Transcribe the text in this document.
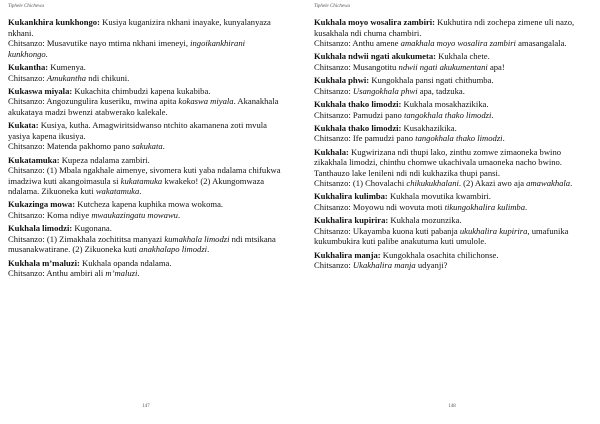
Tiphele Chichewa

Kukankhira kunkhongo: Kusiya kuganizira nkhani inayake, kunyalanyaza nkhani.

Chitsanzo: Musavutike nayo mtima nkhani imeneyi, ingoikankhirani kunkhongo.

Kukantha: Kumenya.

Chitsanzo: Amukantha ndi chikuni.

Kukaswa miyala: Kukachita chimbudzi kapena kukabiba.

Chitsanzo: Angozungulira kuseriku, mwina apita kokaswa miyala. Akanakhala akukataya madzi bwenzi atabwerako kalekale.

Kukata: Kusiya, kutha. Amagwiritsidwanso ntchito akamanena zoti mvula yasiya kapena ikusiya.

Chitsanzo: Matenda pakhomo pano sakukata.

Kukatamuka: Kupeza ndalama zambiri.

Chitsanzo: (1) Mbala ngakhale aimenye, sivomera kuti yaba ndalama chifukwa imadziwa kuti akangoimasula si kukatamuka kwakeko! (2) Akungomwaza ndalama. Zikuoneka kuti wakatamuka.

Kukazinga mowa: Kutcheza kapena kuphika mowa wokoma.

Chitsanzo: Koma ndiye mwaukazingatu mowawu.

Kukhala limodzi: Kugonana.

Chitsanzo: (1) Zimakhala zochititsa manyazi kumakhala limodzi ndi mtsikana musanakwatirane. (2) Zikuoneka kuti anakhalapo limodzi.

Kukhala m’maluzi: Kukhala opanda ndalama.

Chitsanzo: Anthu ambiri ali m’maluzi.

147
Tiphele Chichewa

Kukhala moyo wosalira zambiri: Kukhutira ndi zochepa zimene uli nazo, kusakhala ndi chuma chambiri.

Chitsanzo: Anthu amene amakhala moyo wosalira zambiri amasangalala.

Kukhala ndwii ngati akukumeta: Kukhala chete.

Chitsanzo: Musangotitu ndwii ngati akukumentani apa!

Kukhala phwi: Kungokhala pansi ngati chithumba.

Chitsanzo: Usangokhala phwi apa, tadzuka.

Kukhala thako limodzi: Kukhala mosakhazikika.

Chitsanzo: Pamudzi pano tangokhala thako limodzi.

Kukhala thako limodzi: Kusakhazikika.

Chitsanzo: Ife pamudzi pano tangokhala thako limodzi.

Kukhala: Kugwirizana ndi thupi lako, zinthu zomwe zimaoneka bwino zikakhala limodzi, chinthu chomwe ukachivala umaoneka nacho bwino. Tanthauzo lake lenileni ndi ndi kukhazika thupi pansi.

Chitsanzo: (1) Chovalachi chikukukhalani. (2) Akazi awo aja amawakhala.

Kukhalira kulimba: Kukhala movutika kwambiri.

Chitsanzo: Moyowu ndi wovuta moti tikungokhalira kulimba.

Kukhalira kupirira: Kukhala mozunzika.

Chitsanzo: Ukayamba kuona kuti pabanja ukukhalira kupirira, umafunika kukumbukira kuti palibe anakutuma kuti umulole.

Kukhalira manja: Kungokhala osachita chilichonse.

Chitsanzo: Ukakhalira manja udyanji?

148
